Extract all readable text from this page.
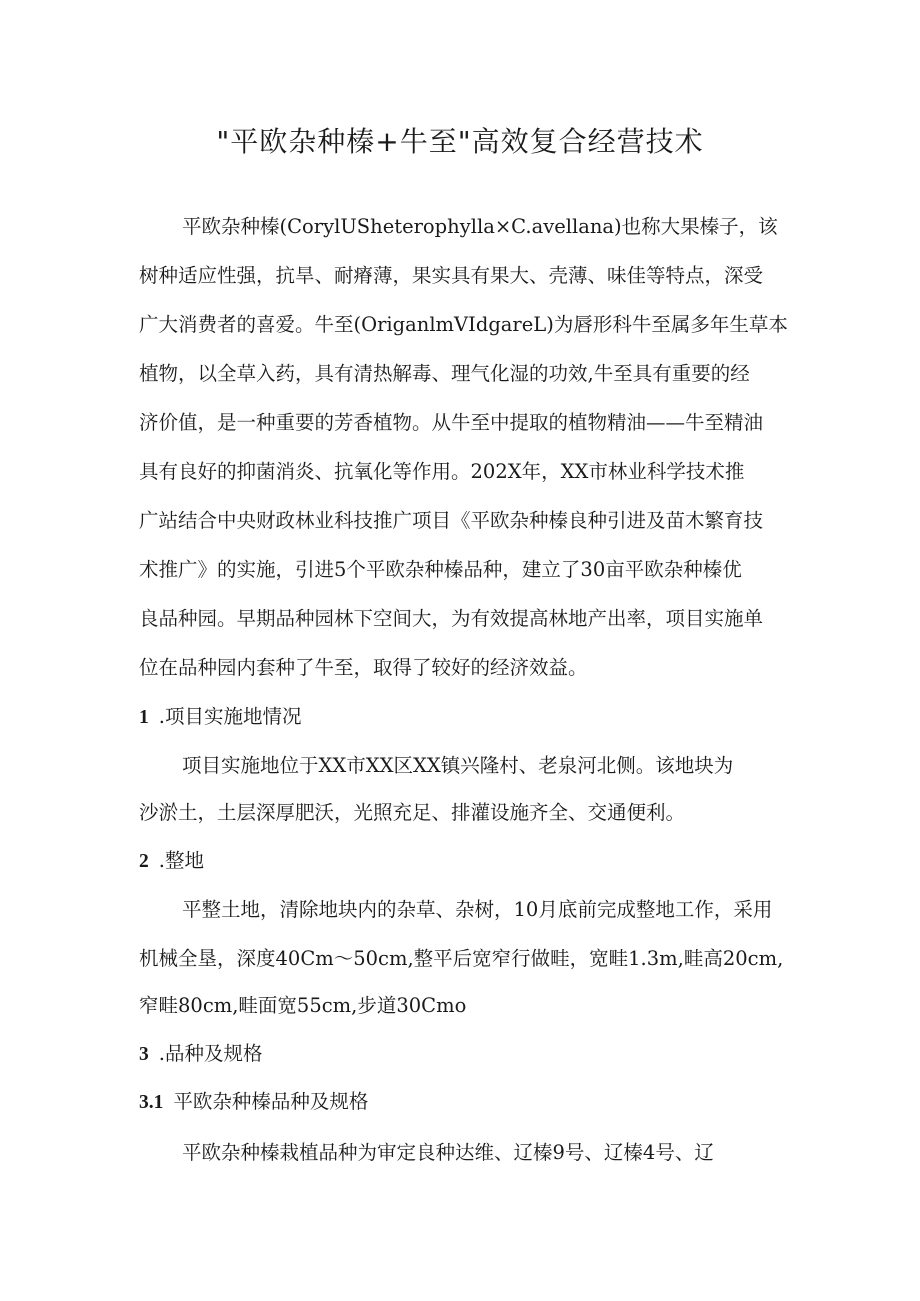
"平欧杂种榛+牛至"高效复合经营技术
平欧杂种榛(CorylUSheterophylla×C.avellana)也称大果榛子，该
树种适应性强，抗旱、耐瘠薄，果实具有果大、壳薄、味佳等特点，深受
广大消费者的喜爱。牛至(OriganlmVIdgareL)为唇形科牛至属多年生草本
植物，以全草入药，具有清热解毒、理气化湿的功效,牛至具有重要的经
济价值，是一种重要的芳香植物。从牛至中提取的植物精油——牛至精油
具有良好的抑菌消炎、抗氧化等作用。202X年，XX市林业科学技术推
广站结合中央财政林业科技推广项目《平欧杂种榛良种引进及苗木繁育技
术推广》的实施，引进5个平欧杂种榛品种，建立了30亩平欧杂种榛优
良品种园。早期品种园林下空间大，为有效提高林地产出率，项目实施单
位在品种园内套种了牛至，取得了较好的经济效益。
1 .项目实施地情况
项目实施地位于XX市XX区XX镇兴隆村、老泉河北侧。该地块为
沙淤土，土层深厚肥沃，光照充足、排灌设施齐全、交通便利。
2 .整地
平整土地，清除地块内的杂草、杂树，10月底前完成整地工作，采用
机械全垦，深度40Cm～50cm,整平后宽窄行做畦，宽畦1.3m,畦高20cm,
窄畦80cm,畦面宽55cm,步道30Cmo
3 .品种及规格
3.1 平欧杂种榛品种及规格
平欧杂种榛栽植品种为审定良种达维、辽榛9号、辽榛4号、辽
